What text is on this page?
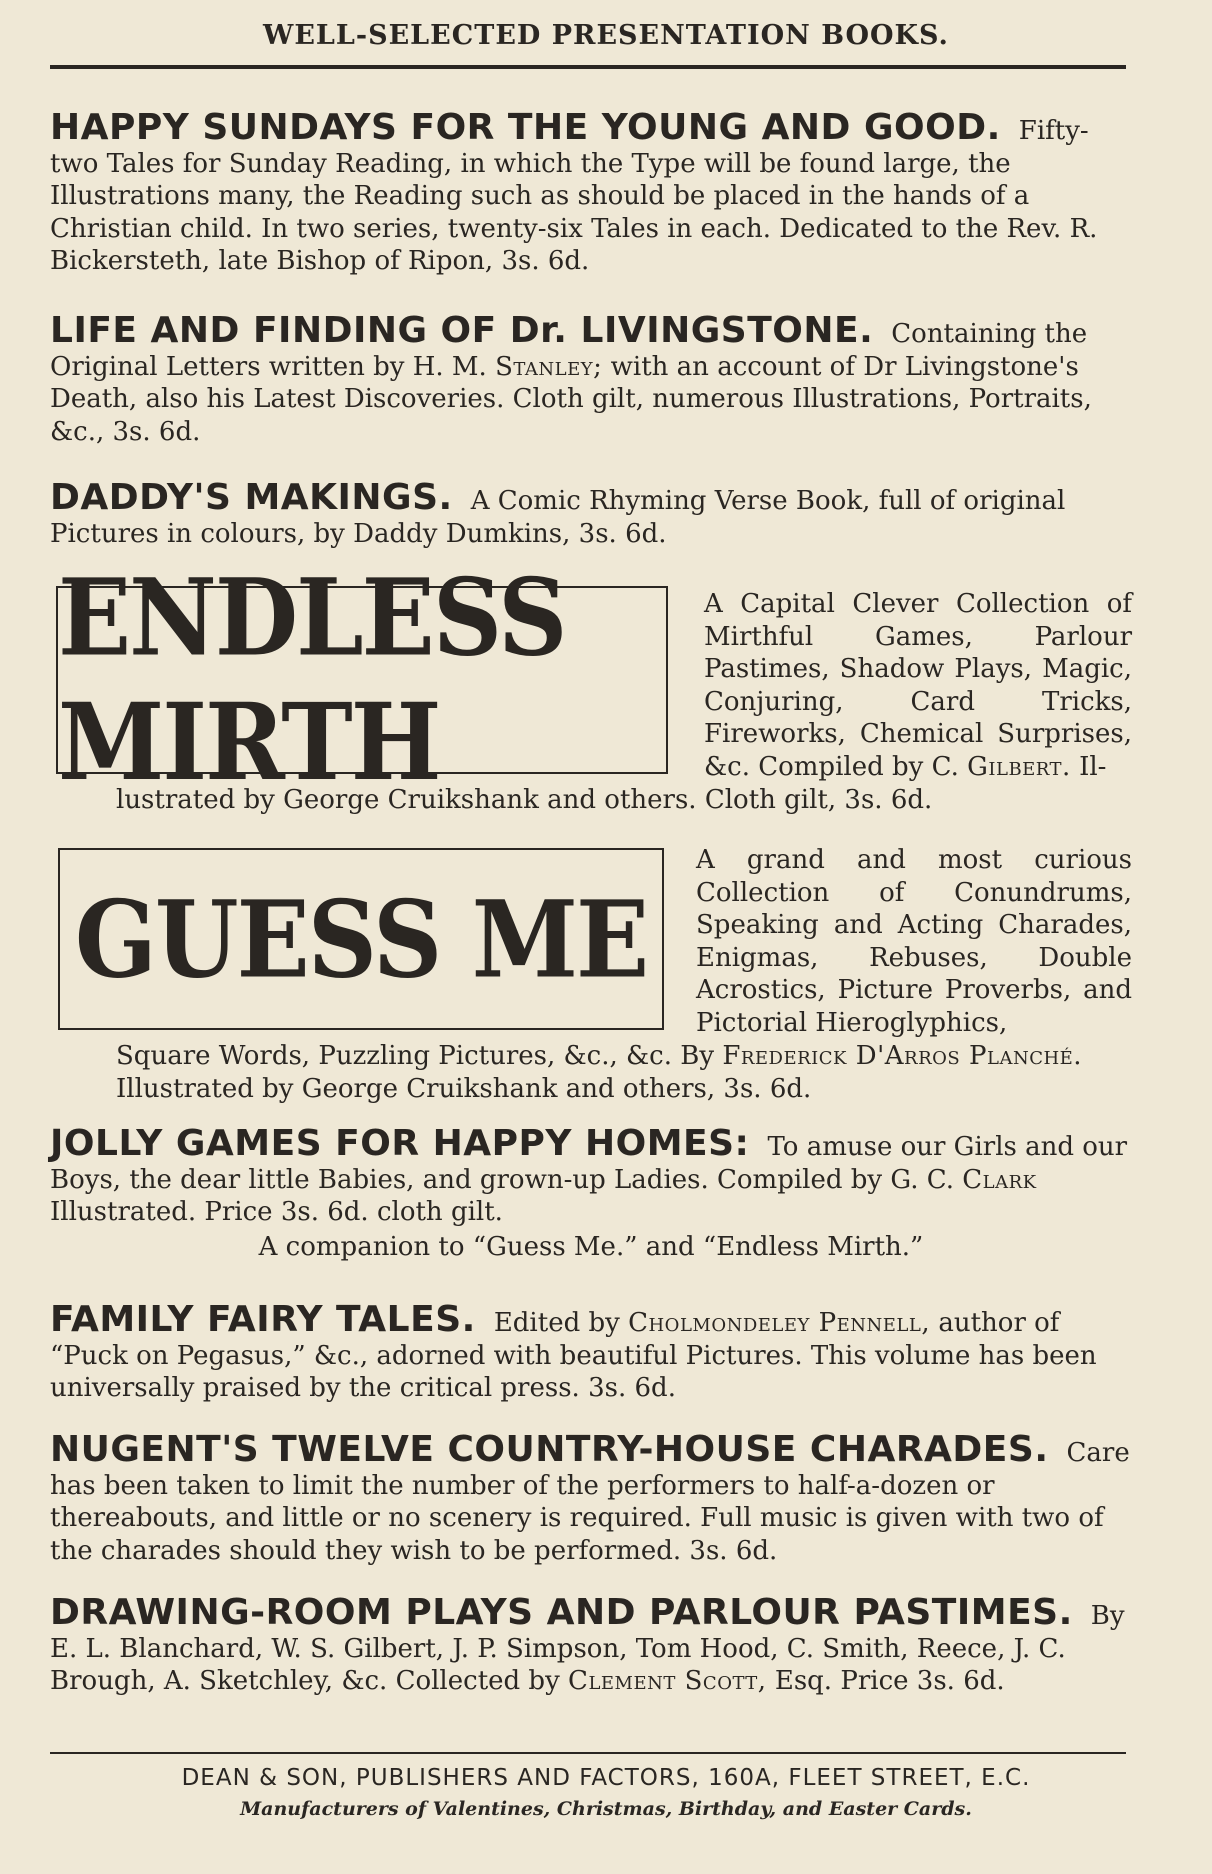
WELL-SELECTED PRESENTATION BOOKS.
HAPPY SUNDAYS FOR THE YOUNG AND GOOD. Fifty-two Tales for Sunday Reading, in which the Type will be found large, the Illustrations many, the Reading such as should be placed in the hands of a Christian child. In two series, twenty-six Tales in each. Dedicated to the Rev. R. Bickersteth, late Bishop of Ripon, 3s. 6d.
LIFE AND FINDING OF Dr. LIVINGSTONE. Containing the Original Letters written by H. M. Stanley; with an account of Dr Livingstone's Death, also his Latest Discoveries. Cloth gilt, numerous Illustrations, Portraits, &c., 3s. 6d.
DADDY'S MAKINGS. A Comic Rhyming Verse Book, full of original Pictures in colours, by Daddy Dumkins, 3s. 6d.
ENDLESS MIRTH
A Capital Clever Collection of Mirthful Games, Parlour Pastimes, Shadow Plays, Magic, Conjuring, Card Tricks, Fireworks, Chemical Surprises, &c. Compiled by C. Gilbert. Il-
lustrated by George Cruikshank and others. Cloth gilt, 3s. 6d.
GUESS ME
A grand and most curious Collection of Conundrums, Speaking and Acting Charades, Enigmas, Rebuses, Double Acrostics, Picture Proverbs, and Pictorial Hieroglyphics,
Square Words, Puzzling Pictures, &c., &c. By Frederick D'Arros Planché. Illustrated by George Cruikshank and others, 3s. 6d.
JOLLY GAMES FOR HAPPY HOMES: To amuse our Girls and our Boys, the dear little Babies, and grown-up Ladies. Compiled by G. C. Clark Illustrated. Price 3s. 6d. cloth gilt.
A companion to “Guess Me.” and “Endless Mirth.”
FAMILY FAIRY TALES. Edited by Cholmondeley Pennell, author of “Puck on Pegasus,” &c., adorned with beautiful Pictures. This volume has been universally praised by the critical press. 3s. 6d.
NUGENT'S TWELVE COUNTRY-HOUSE CHARADES. Care has been taken to limit the number of the performers to half-a-dozen or thereabouts, and little or no scenery is required. Full music is given with two of the charades should they wish to be performed. 3s. 6d.
DRAWING-ROOM PLAYS AND PARLOUR PASTIMES. By E. L. Blanchard, W. S. Gilbert, J. P. Simpson, Tom Hood, C. Smith, Reece, J. C. Brough, A. Sketchley, &c. Collected by Clement Scott, Esq. Price 3s. 6d.
DEAN & SON, PUBLISHERS AND FACTORS, 160A, FLEET STREET, E.C.
Manufacturers of Valentines, Christmas, Birthday, and Easter Cards.
